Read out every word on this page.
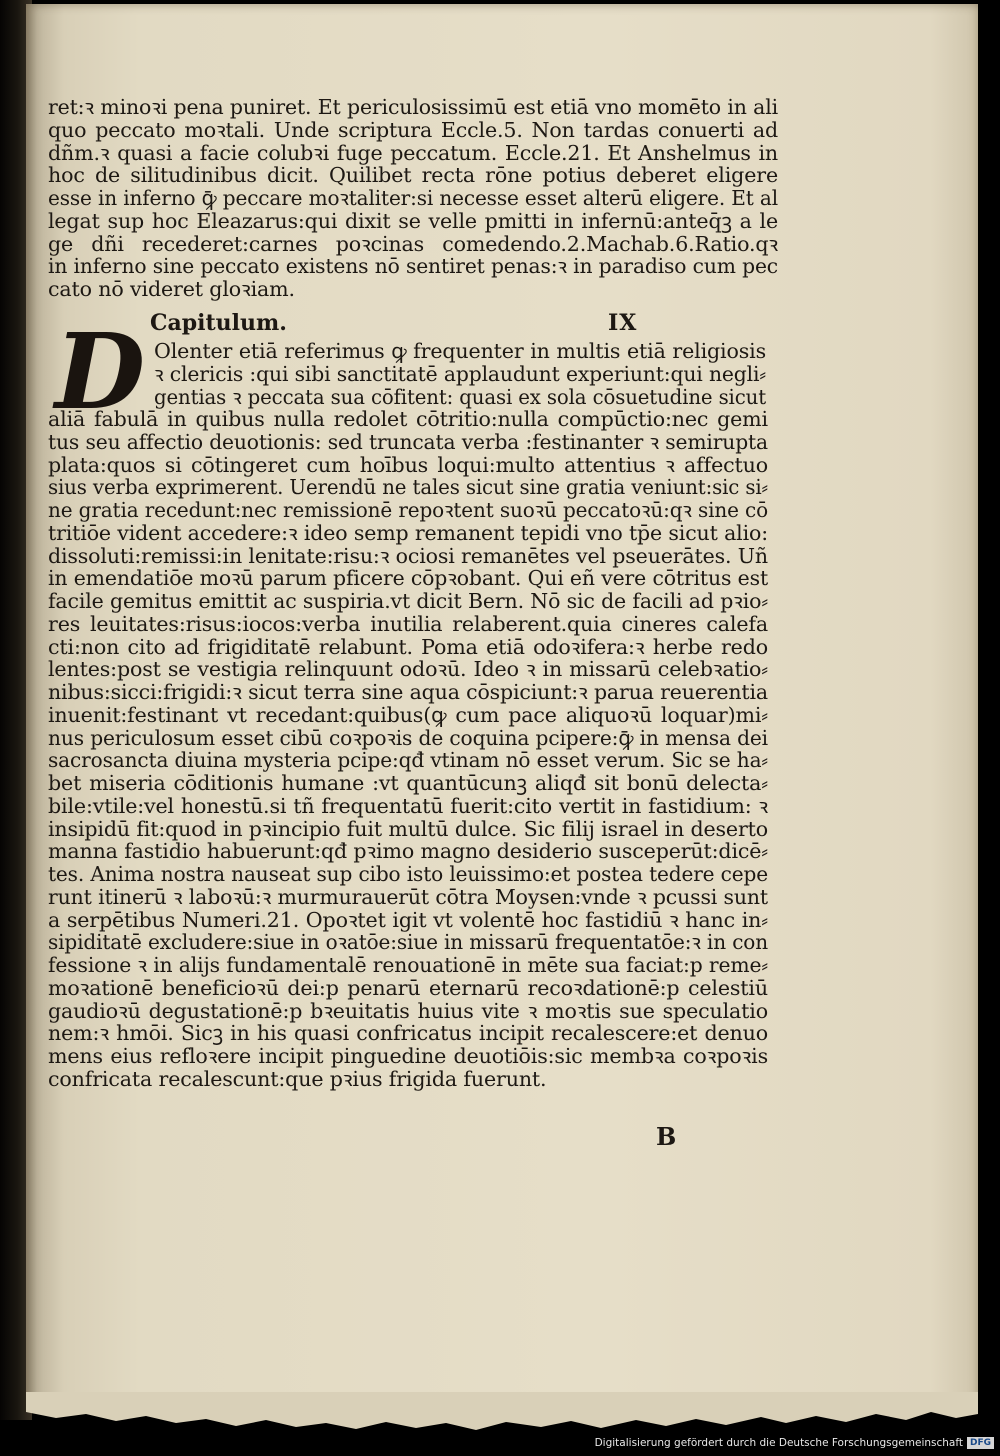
ret:ꝛ minoꝛi pena puniret. Et periculosissimū est etiā vno momēto in ali
quo peccato moꝛtali. Unde scriptura Eccle.5. Non tardas conuerti ad
dñm.ꝛ quasi a facie colubꝛi fuge peccatum. Eccle.21. Et Anshelmus in
hoc de silitudinibus dicit. Quilibet recta rōne potius deberet eligere
esse in inferno ꝙ̄ peccare moꝛtaliter:si necesse esset alterū eligere. Et al
legat sup hoc Eleazarus:qui dixit se velle pmitti in infernū:anteq̄ꝫ a le
ge dñi recederet:carnes poꝛcinas comedendo.2.Machab.6.Ratio.qꝛ
in inferno sine peccato existens nō sentiret penas:ꝛ in paradiso cum pec
cato nō videret gloꝛiam.
Capitulum.	IX
D Olenter etiā referimus ꝙ frequenter in multis etiā religiosis
ꝛ clericis :qui sibi sanctitatē applaudunt experiunt:qui negli⸗
gentias ꝛ peccata sua cōfitent: quasi ex sola cōsuetudine sicut
aliā fabulā in quibus nulla redolet cōtritio:nulla compūctio:nec gemi
tus seu affectio deuotionis: sed truncata verba :festinanter ꝛ semirupta
plata:quos si cōtingeret cum hoībus loqui:multo attentius ꝛ affectuo
sius verba exprimerent. Uerendū ne tales sicut sine gratia veniunt:sic si⸗
ne gratia recedunt:nec remissionē repoꝛtent suoꝛū peccatoꝛū:qꝛ sine cō
tritiōe vident accedere:ꝛ ideo semp remanent tepidi vno tp̄e sicut alio:
dissoluti:remissi:in lenitate:risu:ꝛ ociosi remanētes vel pseuerātes. Uñ
in emendatiōe moꝛū parum pficere cōpꝛobant. Qui eñ vere cōtritus est
facile gemitus emittit ac suspiria.vt dicit Bern. Nō sic de facili ad pꝛio⸗
res leuitates:risus:iocos:verba inutilia relaberent.quia cineres calefa
cti:non cito ad frigiditatē relabunt. Poma etiā odoꝛifera:ꝛ herbe redo
lentes:post se vestigia relinquunt odoꝛū. Ideo ꝛ in missarū celebꝛatio⸗
nibus:sicci:frigidi:ꝛ sicut terra sine aqua cōspiciunt:ꝛ parua reuerentia
inuenit:festinant vt recedant:quibus(ꝙ cum pace aliquoꝛū loquar)mi⸗
nus periculosum esset cibū coꝛpoꝛis de coquina pcipere:ꝙ̄ in mensa dei
sacrosancta diuina mysteria pcipe:qđ vtinam nō esset verum. Sic se ha⸗
bet miseria cōditionis humane :vt quantūcunꝫ aliqđ sit bonū delecta⸗
bile:vtile:vel honestū.si tñ frequentatū fuerit:cito vertit in fastidium: ꝛ
insipidū fit:quod in pꝛincipio fuit multū dulce. Sic filij israel in deserto
manna fastidio habuerunt:qđ pꝛimo magno desiderio susceperūt:dicē⸗
tes. Anima nostra nauseat sup cibo isto leuissimo:et postea tedere cepe
runt itinerū ꝛ laboꝛū:ꝛ murmurauerūt cōtra Moysen:vnde ꝛ pcussi sunt
a serpētibus Numeri.21. Opoꝛtet igit vt volentē hoc fastidiū ꝛ hanc in⸗
sipiditatē excludere:siue in oꝛatōe:siue in missarū frequentatōe:ꝛ in con
fessione ꝛ in alijs fundamentalē renouationē in mēte sua faciat:p reme⸗
moꝛationē beneficioꝛū dei:p penarū eternarū recoꝛdationē:p celestiū
gaudioꝛū degustationē:p bꝛeuitatis huius vite ꝛ moꝛtis sue speculatio
nem:ꝛ hmōi. Sicꝫ in his quasi confricatus incipit recalescere:et denuo
mens eius refloꝛere incipit pinguedine deuotiōis:sic membꝛa coꝛpoꝛis
confricata recalescunt:que pꝛius frigida fuerunt.
B
Digitalisierung gefördert durch die Deutsche Forschungsgemeinschaft DFG
